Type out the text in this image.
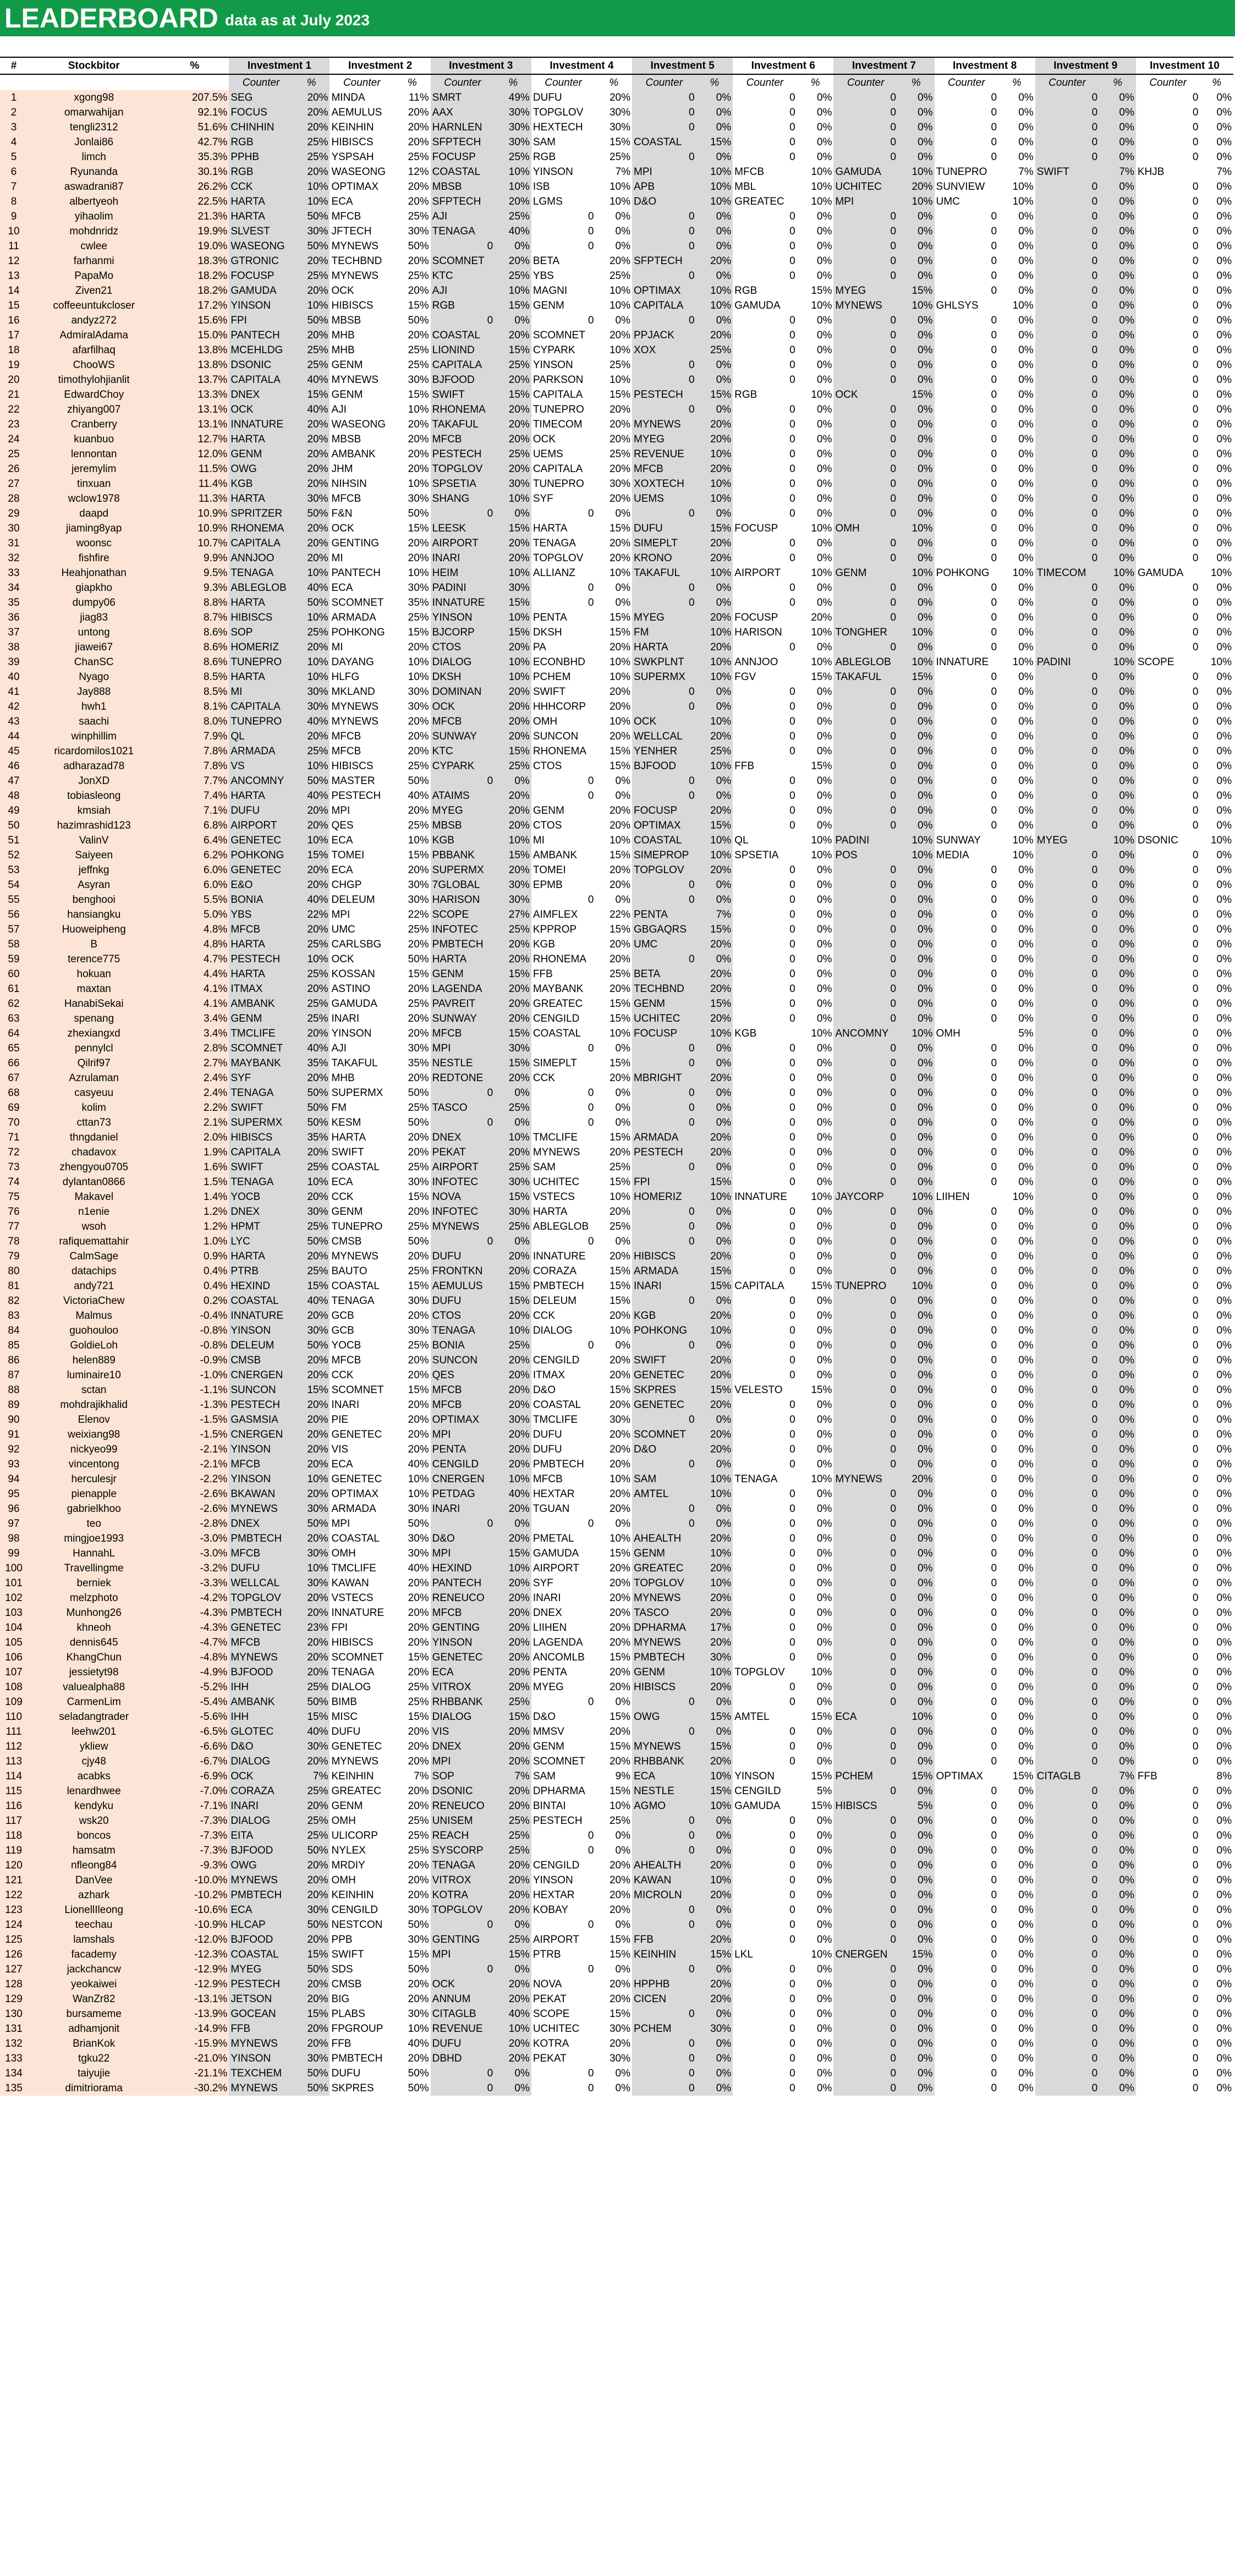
LEADERBOARD data as at July 2023
#	Stockbitor	%	Investment 1		Investment 2		Investment 3		Investment 4		Investment 5		Investment 6		Investment 7		Investment 8		Investment 9		Investment 10	
			Counter	%	Counter	%	Counter	%	Counter	%	Counter	%	Counter	%	Counter	%	Counter	%	Counter	%	Counter	%
1	xgong98	207.5%	SEG	20%	MINDA	11%	SMRT	49%	DUFU	20%	0	0%	0	0%	0	0%	0	0%	0	0%	0	0%
2	omarwahijan	92.1%	FOCUS	20%	AEMULUS	20%	AAX	30%	TOPGLOV	30%	0	0%	0	0%	0	0%	0	0%	0	0%	0	0%
3	tengli2312	51.6%	CHINHIN	20%	KEINHIN	20%	HARNLEN	30%	HEXTECH	30%	0	0%	0	0%	0	0%	0	0%	0	0%	0	0%
4	Jonlai86	42.7%	RGB	25%	HIBISCS	20%	SFPTECH	30%	SAM	15%	COASTAL	15%	0	0%	0	0%	0	0%	0	0%	0	0%
5	limch	35.3%	PPHB	25%	YSPSAH	25%	FOCUSP	25%	RGB	25%	0	0%	0	0%	0	0%	0	0%	0	0%	0	0%
6	Ryunanda	30.1%	RGB	20%	WASEONG	12%	COASTAL	10%	YINSON	7%	MPI	10%	MFCB	10%	GAMUDA	10%	TUNEPRO	7%	SWIFT	7%	KHJB	7%
7	aswadrani87	26.2%	CCK	10%	OPTIMAX	20%	MBSB	10%	ISB	10%	APB	10%	MBL	10%	UCHITEC	20%	SUNVIEW	10%	0	0%	0	0%
8	albertyeoh	22.5%	HARTA	10%	ECA	20%	SFPTECH	20%	LGMS	10%	D&O	10%	GREATEC	10%	MPI	10%	UMC	10%	0	0%	0	0%
9	yihaolim	21.3%	HARTA	50%	MFCB	25%	AJI	25%	0	0%	0	0%	0	0%	0	0%	0	0%	0	0%	0	0%
10	mohdnridz	19.9%	SLVEST	30%	JFTECH	30%	TENAGA	40%	0	0%	0	0%	0	0%	0	0%	0	0%	0	0%	0	0%
11	cwlee	19.0%	WASEONG	50%	MYNEWS	50%	0	0%	0	0%	0	0%	0	0%	0	0%	0	0%	0	0%	0	0%
12	farhanmi	18.3%	GTRONIC	20%	TECHBND	20%	SCOMNET	20%	BETA	20%	SFPTECH	20%	0	0%	0	0%	0	0%	0	0%	0	0%
13	PapaMo	18.2%	FOCUSP	25%	MYNEWS	25%	KTC	25%	YBS	25%	0	0%	0	0%	0	0%	0	0%	0	0%	0	0%
14	Ziven21	18.2%	GAMUDA	20%	OCK	20%	AJI	10%	MAGNI	10%	OPTIMAX	10%	RGB	15%	MYEG	15%	0	0%	0	0%	0	0%
15	coffeeuntukcloser	17.2%	YINSON	10%	HIBISCS	15%	RGB	15%	GENM	10%	CAPITALA	10%	GAMUDA	10%	MYNEWS	10%	GHLSYS	10%	0	0%	0	0%
16	andyz272	15.6%	FPI	50%	MBSB	50%	0	0%	0	0%	0	0%	0	0%	0	0%	0	0%	0	0%	0	0%
17	AdmiralAdama	15.0%	PANTECH	20%	MHB	20%	COASTAL	20%	SCOMNET	20%	PPJACK	20%	0	0%	0	0%	0	0%	0	0%	0	0%
18	afarfilhaq	13.8%	MCEHLDG	25%	MHB	25%	LIONIND	15%	CYPARK	10%	XOX	25%	0	0%	0	0%	0	0%	0	0%	0	0%
19	ChooWS	13.8%	DSONIC	25%	GENM	25%	CAPITALA	25%	YINSON	25%	0	0%	0	0%	0	0%	0	0%	0	0%	0	0%
20	timothylohjianlit	13.7%	CAPITALA	40%	MYNEWS	30%	BJFOOD	20%	PARKSON	10%	0	0%	0	0%	0	0%	0	0%	0	0%	0	0%
21	EdwardChoy	13.3%	DNEX	15%	GENM	15%	SWIFT	15%	CAPITALA	15%	PESTECH	15%	RGB	10%	OCK	15%	0	0%	0	0%	0	0%
22	zhiyang007	13.1%	OCK	40%	AJI	10%	RHONEMA	20%	TUNEPRO	20%	0	0%	0	0%	0	0%	0	0%	0	0%	0	0%
23	Cranberry	13.1%	INNATURE	20%	WASEONG	20%	TAKAFUL	20%	TIMECOM	20%	MYNEWS	20%	0	0%	0	0%	0	0%	0	0%	0	0%
24	kuanbuo	12.7%	HARTA	20%	MBSB	20%	MFCB	20%	OCK	20%	MYEG	20%	0	0%	0	0%	0	0%	0	0%	0	0%
25	lennontan	12.0%	GENM	20%	AMBANK	20%	PESTECH	25%	UEMS	25%	REVENUE	10%	0	0%	0	0%	0	0%	0	0%	0	0%
26	jeremylim	11.5%	OWG	20%	JHM	20%	TOPGLOV	20%	CAPITALA	20%	MFCB	20%	0	0%	0	0%	0	0%	0	0%	0	0%
27	tinxuan	11.4%	KGB	20%	NIHSIN	10%	SPSETIA	30%	TUNEPRO	30%	XOXTECH	10%	0	0%	0	0%	0	0%	0	0%	0	0%
28	wclow1978	11.3%	HARTA	30%	MFCB	30%	SHANG	10%	SYF	20%	UEMS	10%	0	0%	0	0%	0	0%	0	0%	0	0%
29	daapd	10.9%	SPRITZER	50%	F&N	50%	0	0%	0	0%	0	0%	0	0%	0	0%	0	0%	0	0%	0	0%
30	jiaming8yap	10.9%	RHONEMA	20%	OCK	15%	LEESK	15%	HARTA	15%	DUFU	15%	FOCUSP	10%	OMH	10%	0	0%	0	0%	0	0%
31	woonsc	10.7%	CAPITALA	20%	GENTING	20%	AIRPORT	20%	TENAGA	20%	SIMEPLT	20%	0	0%	0	0%	0	0%	0	0%	0	0%
32	fishfire	9.9%	ANNJOO	20%	MI	20%	INARI	20%	TOPGLOV	20%	KRONO	20%	0	0%	0	0%	0	0%	0	0%	0	0%
33	Heahjonathan	9.5%	TENAGA	10%	PANTECH	10%	HEIM	10%	ALLIANZ	10%	TAKAFUL	10%	AIRPORT	10%	GENM	10%	POHKONG	10%	TIMECOM	10%	GAMUDA	10%
34	giapkho	9.3%	ABLEGLOB	40%	ECA	30%	PADINI	30%	0	0%	0	0%	0	0%	0	0%	0	0%	0	0%	0	0%
35	dumpy06	8.8%	HARTA	50%	SCOMNET	35%	INNATURE	15%	0	0%	0	0%	0	0%	0	0%	0	0%	0	0%	0	0%
36	jiag83	8.7%	HIBISCS	10%	ARMADA	25%	YINSON	10%	PENTA	15%	MYEG	20%	FOCUSP	20%	0	0%	0	0%	0	0%	0	0%
37	untong	8.6%	SOP	25%	POHKONG	15%	BJCORP	15%	DKSH	15%	FM	10%	HARISON	10%	TONGHER	10%	0	0%	0	0%	0	0%
38	jiawei67	8.6%	HOMERIZ	20%	MI	20%	CTOS	20%	PA	20%	HARTA	20%	0	0%	0	0%	0	0%	0	0%	0	0%
39	ChanSC	8.6%	TUNEPRO	10%	DAYANG	10%	DIALOG	10%	ECONBHD	10%	SWKPLNT	10%	ANNJOO	10%	ABLEGLOB	10%	INNATURE	10%	PADINI	10%	SCOPE	10%
40	Nyago	8.5%	HARTA	10%	HLFG	10%	DKSH	10%	PCHEM	10%	SUPERMX	10%	FGV	15%	TAKAFUL	15%	0	0%	0	0%	0	0%
41	Jay888	8.5%	MI	30%	MKLAND	30%	DOMINAN	20%	SWIFT	20%	0	0%	0	0%	0	0%	0	0%	0	0%	0	0%
42	hwh1	8.1%	CAPITALA	30%	MYNEWS	30%	OCK	20%	HHHCORP	20%	0	0%	0	0%	0	0%	0	0%	0	0%	0	0%
43	saachi	8.0%	TUNEPRO	40%	MYNEWS	20%	MFCB	20%	OMH	10%	OCK	10%	0	0%	0	0%	0	0%	0	0%	0	0%
44	winphillim	7.9%	QL	20%	MFCB	20%	SUNWAY	20%	SUNCON	20%	WELLCAL	20%	0	0%	0	0%	0	0%	0	0%	0	0%
45	ricardomilos1021	7.8%	ARMADA	25%	MFCB	20%	KTC	15%	RHONEMA	15%	YENHER	25%	0	0%	0	0%	0	0%	0	0%	0	0%
46	adharazad78	7.8%	VS	10%	HIBISCS	25%	CYPARK	25%	CTOS	15%	BJFOOD	10%	FFB	15%	0	0%	0	0%	0	0%	0	0%
47	JonXD	7.7%	ANCOMNY	50%	MASTER	50%	0	0%	0	0%	0	0%	0	0%	0	0%	0	0%	0	0%	0	0%
48	tobiasleong	7.4%	HARTA	40%	PESTECH	40%	ATAIMS	20%	0	0%	0	0%	0	0%	0	0%	0	0%	0	0%	0	0%
49	kmsiah	7.1%	DUFU	20%	MPI	20%	MYEG	20%	GENM	20%	FOCUSP	20%	0	0%	0	0%	0	0%	0	0%	0	0%
50	hazimrashid123	6.8%	AIRPORT	20%	QES	25%	MBSB	20%	CTOS	20%	OPTIMAX	15%	0	0%	0	0%	0	0%	0	0%	0	0%
51	ValinV	6.4%	GENETEC	10%	ECA	10%	KGB	10%	MI	10%	COASTAL	10%	QL	10%	PADINI	10%	SUNWAY	10%	MYEG	10%	DSONIC	10%
52	Saiyeen	6.2%	POHKONG	15%	TOMEI	15%	PBBANK	15%	AMBANK	15%	SIMEPROP	10%	SPSETIA	10%	POS	10%	MEDIA	10%	0	0%	0	0%
53	jeffnkg	6.0%	GENETEC	20%	ECA	20%	SUPERMX	20%	TOMEI	20%	TOPGLOV	20%	0	0%	0	0%	0	0%	0	0%	0	0%
54	Asyran	6.0%	E&O	20%	CHGP	30%	7GLOBAL	30%	EPMB	20%	0	0%	0	0%	0	0%	0	0%	0	0%	0	0%
55	benghooi	5.5%	BONIA	40%	DELEUM	30%	HARISON	30%	0	0%	0	0%	0	0%	0	0%	0	0%	0	0%	0	0%
56	hansiangku	5.0%	YBS	22%	MPI	22%	SCOPE	27%	AIMFLEX	22%	PENTA	7%	0	0%	0	0%	0	0%	0	0%	0	0%
57	Huoweipheng	4.8%	MFCB	20%	UMC	25%	INFOTEC	25%	KPPROP	15%	GBGAQRS	15%	0	0%	0	0%	0	0%	0	0%	0	0%
58	B	4.8%	HARTA	25%	CARLSBG	20%	PMBTECH	20%	KGB	20%	UMC	20%	0	0%	0	0%	0	0%	0	0%	0	0%
59	terence775	4.7%	PESTECH	10%	OCK	50%	HARTA	20%	RHONEMA	20%	0	0%	0	0%	0	0%	0	0%	0	0%	0	0%
60	hokuan	4.4%	HARTA	25%	KOSSAN	15%	GENM	15%	FFB	25%	BETA	20%	0	0%	0	0%	0	0%	0	0%	0	0%
61	maxtan	4.1%	ITMAX	20%	ASTINO	20%	LAGENDA	20%	MAYBANK	20%	TECHBND	20%	0	0%	0	0%	0	0%	0	0%	0	0%
62	HanabiSekai	4.1%	AMBANK	25%	GAMUDA	25%	PAVREIT	20%	GREATEC	15%	GENM	15%	0	0%	0	0%	0	0%	0	0%	0	0%
63	spenang	3.4%	GENM	25%	INARI	20%	SUNWAY	20%	CENGILD	15%	UCHITEC	20%	0	0%	0	0%	0	0%	0	0%	0	0%
64	zhexiangxd	3.4%	TMCLIFE	20%	YINSON	20%	MFCB	15%	COASTAL	10%	FOCUSP	10%	KGB	10%	ANCOMNY	10%	OMH	5%	0	0%	0	0%
65	pennylcl	2.8%	SCOMNET	40%	AJI	30%	MPI	30%	0	0%	0	0%	0	0%	0	0%	0	0%	0	0%	0	0%
66	Qilrif97	2.7%	MAYBANK	35%	TAKAFUL	35%	NESTLE	15%	SIMEPLT	15%	0	0%	0	0%	0	0%	0	0%	0	0%	0	0%
67	Azrulaman	2.4%	SYF	20%	MHB	20%	REDTONE	20%	CCK	20%	MBRIGHT	20%	0	0%	0	0%	0	0%	0	0%	0	0%
68	casyeuu	2.4%	TENAGA	50%	SUPERMX	50%	0	0%	0	0%	0	0%	0	0%	0	0%	0	0%	0	0%	0	0%
69	kolim	2.2%	SWIFT	50%	FM	25%	TASCO	25%	0	0%	0	0%	0	0%	0	0%	0	0%	0	0%	0	0%
70	cttan73	2.1%	SUPERMX	50%	KESM	50%	0	0%	0	0%	0	0%	0	0%	0	0%	0	0%	0	0%	0	0%
71	thngdaniel	2.0%	HIBISCS	35%	HARTA	20%	DNEX	10%	TMCLIFE	15%	ARMADA	20%	0	0%	0	0%	0	0%	0	0%	0	0%
72	chadavox	1.9%	CAPITALA	20%	SWIFT	20%	PEKAT	20%	MYNEWS	20%	PESTECH	20%	0	0%	0	0%	0	0%	0	0%	0	0%
73	zhengyou0705	1.6%	SWIFT	25%	COASTAL	25%	AIRPORT	25%	SAM	25%	0	0%	0	0%	0	0%	0	0%	0	0%	0	0%
74	dylantan0866	1.5%	TENAGA	10%	ECA	30%	INFOTEC	30%	UCHITEC	15%	FPI	15%	0	0%	0	0%	0	0%	0	0%	0	0%
75	Makavel	1.4%	YOCB	20%	CCK	15%	NOVA	15%	VSTECS	10%	HOMERIZ	10%	INNATURE	10%	JAYCORP	10%	LIIHEN	10%	0	0%	0	0%
76	n1enie	1.2%	DNEX	30%	GENM	20%	INFOTEC	30%	HARTA	20%	0	0%	0	0%	0	0%	0	0%	0	0%	0	0%
77	wsoh	1.2%	HPMT	25%	TUNEPRO	25%	MYNEWS	25%	ABLEGLOB	25%	0	0%	0	0%	0	0%	0	0%	0	0%	0	0%
78	rafiquemattahir	1.0%	LYC	50%	CMSB	50%	0	0%	0	0%	0	0%	0	0%	0	0%	0	0%	0	0%	0	0%
79	CalmSage	0.9%	HARTA	20%	MYNEWS	20%	DUFU	20%	INNATURE	20%	HIBISCS	20%	0	0%	0	0%	0	0%	0	0%	0	0%
80	datachips	0.4%	PTRB	25%	BAUTO	25%	FRONTKN	20%	CORAZA	15%	ARMADA	15%	0	0%	0	0%	0	0%	0	0%	0	0%
81	andy721	0.4%	HEXIND	15%	COASTAL	15%	AEMULUS	15%	PMBTECH	15%	INARI	15%	CAPITALA	15%	TUNEPRO	10%	0	0%	0	0%	0	0%
82	VictoriaChew	0.2%	COASTAL	40%	TENAGA	30%	DUFU	15%	DELEUM	15%	0	0%	0	0%	0	0%	0	0%	0	0%	0	0%
83	Malmus	-0.4%	INNATURE	20%	GCB	20%	CTOS	20%	CCK	20%	KGB	20%	0	0%	0	0%	0	0%	0	0%	0	0%
84	guohouloo	-0.8%	YINSON	30%	GCB	30%	TENAGA	10%	DIALOG	10%	POHKONG	10%	0	0%	0	0%	0	0%	0	0%	0	0%
85	GoldieLoh	-0.8%	DELEUM	50%	YOCB	25%	BONIA	25%	0	0%	0	0%	0	0%	0	0%	0	0%	0	0%	0	0%
86	helen889	-0.9%	CMSB	20%	MFCB	20%	SUNCON	20%	CENGILD	20%	SWIFT	20%	0	0%	0	0%	0	0%	0	0%	0	0%
87	luminaire10	-1.0%	CNERGEN	20%	CCK	20%	QES	20%	ITMAX	20%	GENETEC	20%	0	0%	0	0%	0	0%	0	0%	0	0%
88	sctan	-1.1%	SUNCON	15%	SCOMNET	15%	MFCB	20%	D&O	15%	SKPRES	15%	VELESTO	15%	0	0%	0	0%	0	0%	0	0%
89	mohdrajikhalid	-1.3%	PESTECH	20%	INARI	20%	MFCB	20%	COASTAL	20%	GENETEC	20%	0	0%	0	0%	0	0%	0	0%	0	0%
90	Elenov	-1.5%	GASMSIA	20%	PIE	20%	OPTIMAX	30%	TMCLIFE	30%	0	0%	0	0%	0	0%	0	0%	0	0%	0	0%
91	weixiang98	-1.5%	CNERGEN	20%	GENETEC	20%	MPI	20%	DUFU	20%	SCOMNET	20%	0	0%	0	0%	0	0%	0	0%	0	0%
92	nickyeo99	-2.1%	YINSON	20%	VIS	20%	PENTA	20%	DUFU	20%	D&O	20%	0	0%	0	0%	0	0%	0	0%	0	0%
93	vincentong	-2.1%	MFCB	20%	ECA	40%	CENGILD	20%	PMBTECH	20%	0	0%	0	0%	0	0%	0	0%	0	0%	0	0%
94	herculesjr	-2.2%	YINSON	10%	GENETEC	10%	CNERGEN	10%	MFCB	10%	SAM	10%	TENAGA	10%	MYNEWS	20%	0	0%	0	0%	0	0%
95	pienapple	-2.6%	BKAWAN	20%	OPTIMAX	10%	PETDAG	40%	HEXTAR	20%	AMTEL	10%	0	0%	0	0%	0	0%	0	0%	0	0%
96	gabrielkhoo	-2.6%	MYNEWS	30%	ARMADA	30%	INARI	20%	TGUAN	20%	0	0%	0	0%	0	0%	0	0%	0	0%	0	0%
97	teo	-2.8%	DNEX	50%	MPI	50%	0	0%	0	0%	0	0%	0	0%	0	0%	0	0%	0	0%	0	0%
98	mingjoe1993	-3.0%	PMBTECH	20%	COASTAL	30%	D&O	20%	PMETAL	10%	AHEALTH	20%	0	0%	0	0%	0	0%	0	0%	0	0%
99	HannahL	-3.0%	MFCB	30%	OMH	30%	MPI	15%	GAMUDA	15%	GENM	10%	0	0%	0	0%	0	0%	0	0%	0	0%
100	Travellingme	-3.2%	DUFU	10%	TMCLIFE	40%	HEXIND	10%	AIRPORT	20%	GREATEC	20%	0	0%	0	0%	0	0%	0	0%	0	0%
101	berniek	-3.3%	WELLCAL	30%	KAWAN	20%	PANTECH	20%	SYF	20%	TOPGLOV	10%	0	0%	0	0%	0	0%	0	0%	0	0%
102	melzphoto	-4.2%	TOPGLOV	20%	VSTECS	20%	RENEUCO	20%	INARI	20%	MYNEWS	20%	0	0%	0	0%	0	0%	0	0%	0	0%
103	Munhong26	-4.3%	PMBTECH	20%	INNATURE	20%	MFCB	20%	DNEX	20%	TASCO	20%	0	0%	0	0%	0	0%	0	0%	0	0%
104	khneoh	-4.3%	GENETEC	23%	FPI	20%	GENTING	20%	LIIHEN	20%	DPHARMA	17%	0	0%	0	0%	0	0%	0	0%	0	0%
105	dennis645	-4.7%	MFCB	20%	HIBISCS	20%	YINSON	20%	LAGENDA	20%	MYNEWS	20%	0	0%	0	0%	0	0%	0	0%	0	0%
106	KhangChun	-4.8%	MYNEWS	20%	SCOMNET	15%	GENETEC	20%	ANCOMLB	15%	PMBTECH	30%	0	0%	0	0%	0	0%	0	0%	0	0%
107	jessietyt98	-4.9%	BJFOOD	20%	TENAGA	20%	ECA	20%	PENTA	20%	GENM	10%	TOPGLOV	10%	0	0%	0	0%	0	0%	0	0%
108	valuealpha88	-5.2%	IHH	25%	DIALOG	25%	VITROX	20%	MYEG	20%	HIBISCS	20%	0	0%	0	0%	0	0%	0	0%	0	0%
109	CarmenLim	-5.4%	AMBANK	50%	BIMB	25%	RHBBANK	25%	0	0%	0	0%	0	0%	0	0%	0	0%	0	0%	0	0%
110	seladangtrader	-5.6%	IHH	15%	MISC	15%	DIALOG	15%	D&O	15%	OWG	15%	AMTEL	15%	ECA	10%	0	0%	0	0%	0	0%
111	leehw201	-6.5%	GLOTEC	40%	DUFU	20%	VIS	20%	MMSV	20%	0	0%	0	0%	0	0%	0	0%	0	0%	0	0%
112	ykliew	-6.6%	D&O	30%	GENETEC	20%	DNEX	20%	GENM	15%	MYNEWS	15%	0	0%	0	0%	0	0%	0	0%	0	0%
113	cjy48	-6.7%	DIALOG	20%	MYNEWS	20%	MPI	20%	SCOMNET	20%	RHBBANK	20%	0	0%	0	0%	0	0%	0	0%	0	0%
114	acabks	-6.9%	OCK	7%	KEINHIN	7%	SOP	7%	SAM	9%	ECA	10%	YINSON	15%	PCHEM	15%	OPTIMAX	15%	CITAGLB	7%	FFB	8%
115	lenardhwee	-7.0%	CORAZA	25%	GREATEC	20%	DSONIC	20%	DPHARMA	15%	NESTLE	15%	CENGILD	5%	0	0%	0	0%	0	0%	0	0%
116	kendyku	-7.1%	INARI	20%	GENM	20%	RENEUCO	20%	BINTAI	10%	AGMO	10%	GAMUDA	15%	HIBISCS	5%	0	0%	0	0%	0	0%
117	wsk20	-7.3%	DIALOG	25%	OMH	25%	UNISEM	25%	PESTECH	25%	0	0%	0	0%	0	0%	0	0%	0	0%	0	0%
118	boncos	-7.3%	EITA	25%	ULICORP	25%	REACH	25%	0	0%	0	0%	0	0%	0	0%	0	0%	0	0%	0	0%
119	hamsatm	-7.3%	BJFOOD	50%	NYLEX	25%	SYSCORP	25%	0	0%	0	0%	0	0%	0	0%	0	0%	0	0%	0	0%
120	nfleong84	-9.3%	OWG	20%	MRDIY	20%	TENAGA	20%	CENGILD	20%	AHEALTH	20%	0	0%	0	0%	0	0%	0	0%	0	0%
121	DanVee	-10.0%	MYNEWS	20%	OMH	20%	VITROX	20%	YINSON	20%	KAWAN	10%	0	0%	0	0%	0	0%	0	0%	0	0%
122	azhark	-10.2%	PMBTECH	20%	KEINHIN	20%	KOTRA	20%	HEXTAR	20%	MICROLN	20%	0	0%	0	0%	0	0%	0	0%	0	0%
123	LionellIleong	-10.6%	ECA	30%	CENGILD	30%	TOPGLOV	20%	KOBAY	20%	0	0%	0	0%	0	0%	0	0%	0	0%	0	0%
124	teechau	-10.9%	HLCAP	50%	NESTCON	50%	0	0%	0	0%	0	0%	0	0%	0	0%	0	0%	0	0%	0	0%
125	lamshals	-12.0%	BJFOOD	20%	PPB	30%	GENTING	25%	AIRPORT	15%	FFB	20%	0	0%	0	0%	0	0%	0	0%	0	0%
126	facademy	-12.3%	COASTAL	15%	SWIFT	15%	MPI	15%	PTRB	15%	KEINHIN	15%	LKL	10%	CNERGEN	15%	0	0%	0	0%	0	0%
127	jackchancw	-12.9%	MYEG	50%	SDS	50%	0	0%	0	0%	0	0%	0	0%	0	0%	0	0%	0	0%	0	0%
128	yeokaiwei	-12.9%	PESTECH	20%	CMSB	20%	OCK	20%	NOVA	20%	HPPHB	20%	0	0%	0	0%	0	0%	0	0%	0	0%
129	WanZr82	-13.1%	JETSON	20%	BIG	20%	ANNUM	20%	PEKAT	20%	CICEN	20%	0	0%	0	0%	0	0%	0	0%	0	0%
130	bursameme	-13.9%	GOCEAN	15%	PLABS	30%	CITAGLB	40%	SCOPE	15%	0	0%	0	0%	0	0%	0	0%	0	0%	0	0%
131	adhamjonit	-14.9%	FFB	20%	FPGROUP	10%	REVENUE	10%	UCHITEC	30%	PCHEM	30%	0	0%	0	0%	0	0%	0	0%	0	0%
132	BrianKok	-15.9%	MYNEWS	20%	FFB	40%	DUFU	20%	KOTRA	20%	0	0%	0	0%	0	0%	0	0%	0	0%	0	0%
133	tgku22	-21.0%	YINSON	30%	PMBTECH	20%	DBHD	20%	PEKAT	30%	0	0%	0	0%	0	0%	0	0%	0	0%	0	0%
134	taiyujie	-21.1%	TEXCHEM	50%	DUFU	50%	0	0%	0	0%	0	0%	0	0%	0	0%	0	0%	0	0%	0	0%
135	dimitriorama	-30.2%	MYNEWS	50%	SKPRES	50%	0	0%	0	0%	0	0%	0	0%	0	0%	0	0%	0	0%	0	0%
